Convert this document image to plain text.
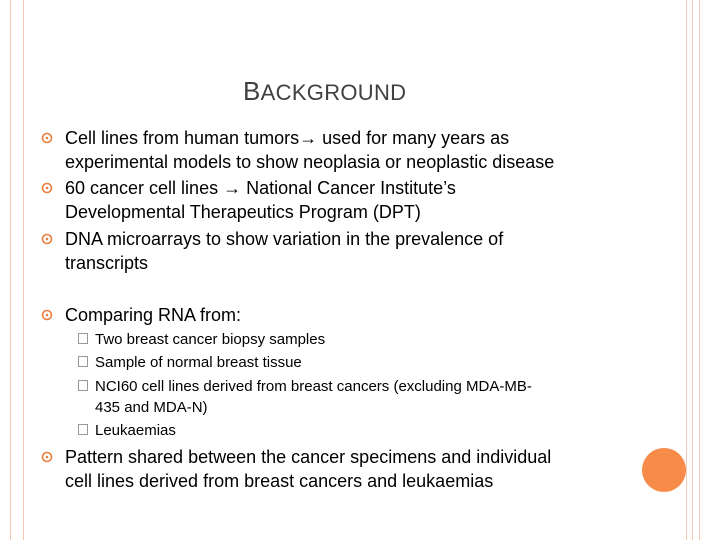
BACKGROUND
Cell lines from human tumors→ used for many years as
experimental models to show neoplasia or neoplastic disease
60 cancer cell lines → National Cancer Institute’s
Developmental Therapeutics Program (DPT)
DNA microarrays to show variation in the prevalence of
transcripts
Comparing RNA from:
Two breast cancer biopsy samples
Sample of normal breast tissue
NCI60 cell lines derived from breast cancers (excluding MDA-MB-
435 and MDA-N)
Leukaemias
Pattern shared between the cancer specimens and individual
cell lines derived from breast cancers and leukaemias
